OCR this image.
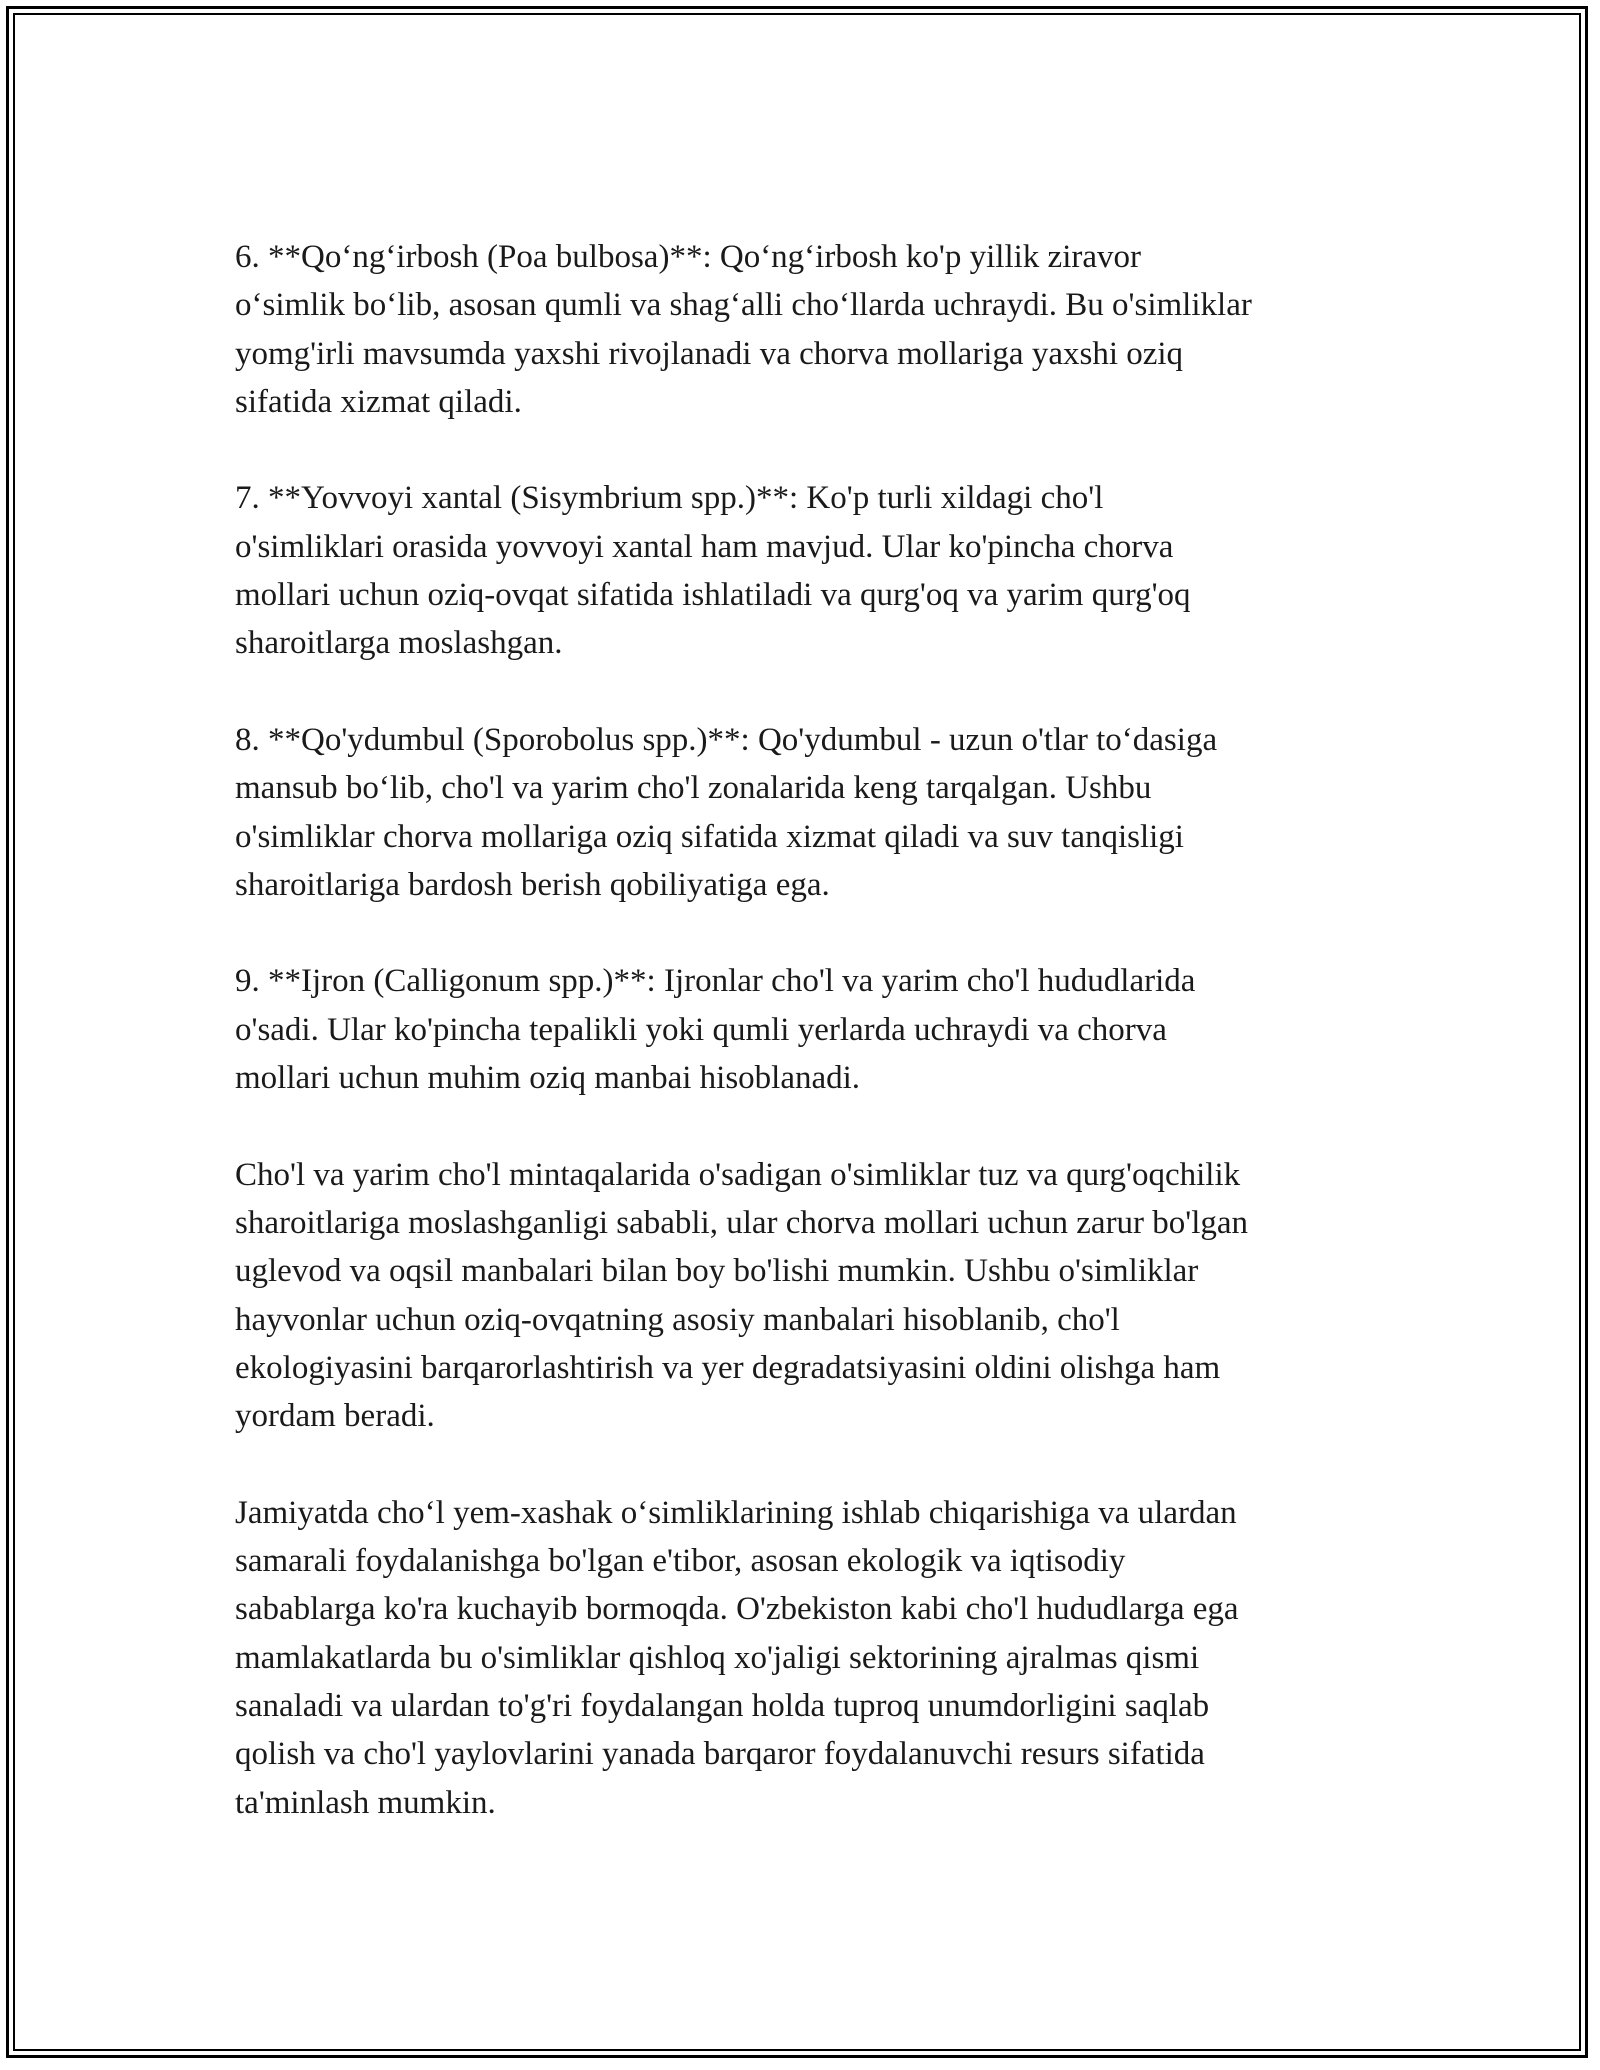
6. **Qo‘ng‘irbosh (Poa bulbosa)**: Qo‘ng‘irbosh ko'p yillik ziravor
o‘simlik bo‘lib, asosan qumli va shag‘alli cho‘llarda uchraydi. Bu o'simliklar
yomg'irli mavsumda yaxshi rivojlanadi va chorva mollariga yaxshi oziq
sifatida xizmat qiladi.

7. **Yovvoyi xantal (Sisymbrium spp.)**: Ko'p turli xildagi cho'l
o'simliklari orasida yovvoyi xantal ham mavjud. Ular ko'pincha chorva
mollari uchun oziq-ovqat sifatida ishlatiladi va qurg'oq va yarim qurg'oq
sharoitlarga moslashgan.

8. **Qo'ydumbul (Sporobolus spp.)**: Qo'ydumbul - uzun o'tlar to‘dasiga
mansub bo‘lib, cho'l va yarim cho'l zonalarida keng tarqalgan. Ushbu
o'simliklar chorva mollariga oziq sifatida xizmat qiladi va suv tanqisligi
sharoitlariga bardosh berish qobiliyatiga ega.

9. **Ijron (Calligonum spp.)**: Ijronlar cho'l va yarim cho'l hududlarida
o'sadi. Ular ko'pincha tepalikli yoki qumli yerlarda uchraydi va chorva
mollari uchun muhim oziq manbai hisoblanadi.

Cho'l va yarim cho'l mintaqalarida o'sadigan o'simliklar tuz va qurg'oqchilik
sharoitlariga moslashganligi sababli, ular chorva mollari uchun zarur bo'lgan
uglevod va oqsil manbalari bilan boy bo'lishi mumkin. Ushbu o'simliklar
hayvonlar uchun oziq-ovqatning asosiy manbalari hisoblanib, cho'l
ekologiyasini barqarorlashtirish va yer degradatsiyasini oldini olishga ham
yordam beradi.

Jamiyatda cho‘l yem-xashak o‘simliklarining ishlab chiqarishiga va ulardan
samarali foydalanishga bo'lgan e'tibor, asosan ekologik va iqtisodiy
sabablarga ko'ra kuchayib bormoqda. O'zbekiston kabi cho'l hududlarga ega
mamlakatlarda bu o'simliklar qishloq xo'jaligi sektorining ajralmas qismi
sanaladi va ulardan to'g'ri foydalangan holda tuproq unumdorligini saqlab
qolish va cho'l yaylovlarini yanada barqaror foydalanuvchi resurs sifatida
ta'minlash mumkin.
